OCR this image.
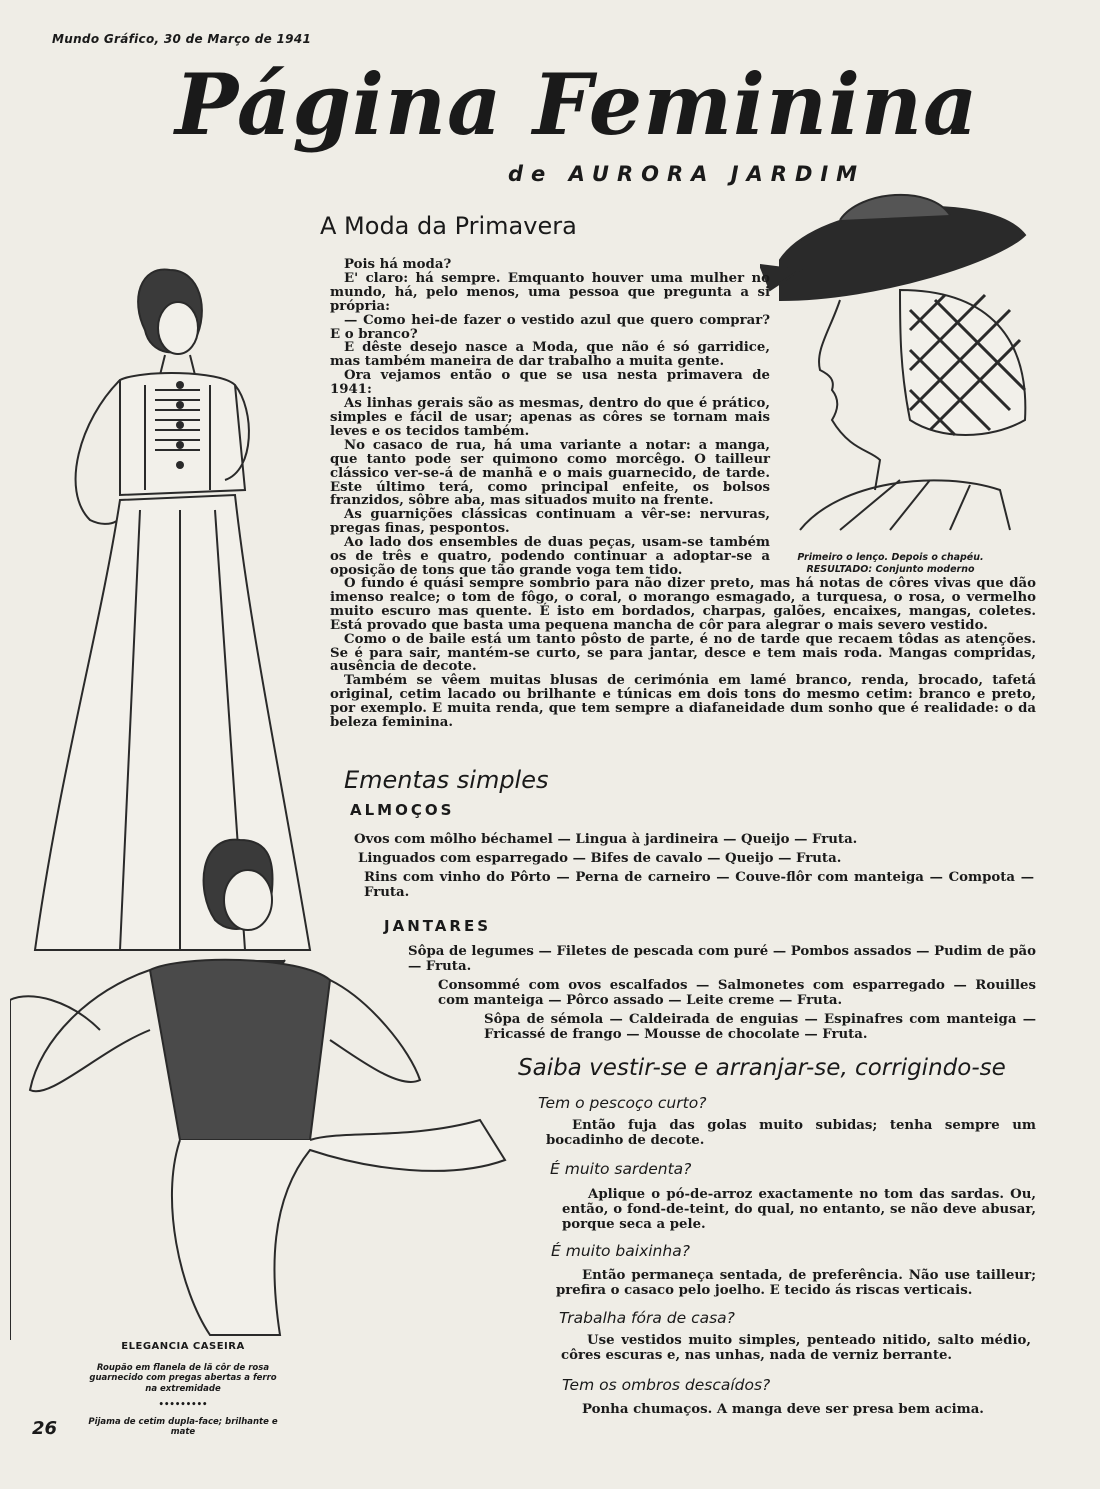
Mundo Gráfico, 30 de Março de 1941
Página Feminina
de AURORA JARDIM
A Moda da Primavera

Pois há moda?

E' claro: há sempre. Emquanto houver uma mulher no mundo, há, pelo menos, uma pessoa que pregunta a si própria:

— Como hei-de fazer o vestido azul que quero comprar? E o branco?

E dêste desejo nasce a Moda, que não é só garridice, mas também maneira de dar trabalho a muita gente.

Ora vejamos então o que se usa nesta primavera de 1941:

As linhas gerais são as mesmas, dentro do que é prático, simples e fácil de usar; apenas as côres se tornam mais leves e os tecidos também.

No casaco de rua, há uma variante a notar: a manga, que tanto pode ser quimono como morcêgo. O tailleur clássico ver-se-á de manhã e o mais guarnecido, de tarde. Este último terá, como principal enfeite, os bolsos franzidos, sôbre aba, mas situados muito na frente.

As guarnições clássicas continuam a vêr-se: nervuras, pregas finas, pespontos.

Ao lado dos ensembles de duas peças, usam-se também os de três e quatro, podendo continuar a adoptar-se a oposição de tons que tão grande voga tem tido.

Primeiro o lenço. Depois o chapéu.
RESULTADO: Conjunto moderno

O fundo é quási sempre sombrio para não dizer preto, mas há notas de côres vivas que dão imenso realce; o tom de fôgo, o coral, o morango esmagado, a turquesa, o rosa, o vermelho muito escuro mas quente. É isto em bordados, charpas, galões, encaixes, mangas, coletes. Está provado que basta uma pequena mancha de côr para alegrar o mais severo vestido.

Como o de baile está um tanto pôsto de parte, é no de tarde que recaem tôdas as atenções. Se é para sair, mantém-se curto, se para jantar, desce e tem mais roda. Mangas compridas, ausência de decote.

Também se vêem muitas blusas de cerimónia em lamé branco, renda, brocado, tafetá original, cetim lacado ou brilhante e túnicas em dois tons do mesmo cetim: branco e preto, por exemplo. E muita renda, que tem sempre a diafaneidade dum sonho que é realidade: o da beleza feminina.

Ementas simples
ALMOÇOS

Ovos com môlho béchamel — Lingua à jardineira — Queijo — Fruta.

Linguados com esparregado — Bifes de cavalo — Queijo — Fruta.

Rins com vinho do Pôrto — Perna de carneiro — Couve-flôr com manteiga — Compota — Fruta.

JANTARES

Sôpa de legumes — Filetes de pescada com puré — Pombos assados — Pudim de pão — Fruta.

Consommé com ovos escalfados — Salmonetes com esparregado — Rouilles com manteiga — Pôrco assado — Leite creme — Fruta.

Sôpa de sémola — Caldeirada de enguias — Espinafres com manteiga — Fricassé de frango — Mousse de chocolate — Fruta.

Saiba vestir-se e arranjar-se, corrigindo-se
Tem o pescoço curto?

Então fuja das golas muito subidas; tenha sempre um bocadinho de decote.

É muito sardenta?

Aplique o pó-de-arroz exactamente no tom das sardas. Ou, então, o fond-de-teint, do qual, no entanto, se não deve abusar, porque seca a pele.

É muito baixinha?

Então permaneça sentada, de preferência. Não use tailleur; prefira o casaco pelo joelho. E tecido ás riscas verticais.

Trabalha fóra de casa?

Use vestidos muito simples, penteado nitido, salto médio, côres escuras e, nas unhas, nada de verniz berrante.

Tem os ombros descaídos?

Ponha chumaços. A manga deve ser presa bem acima.

ELEGANCIA CASEIRA
Roupão em flanela de lã côr de rosa guarnecido com pregas abertas a ferro na extremidade
•••••••••
Pijama de cetim dupla-face; brilhante e mate
26
